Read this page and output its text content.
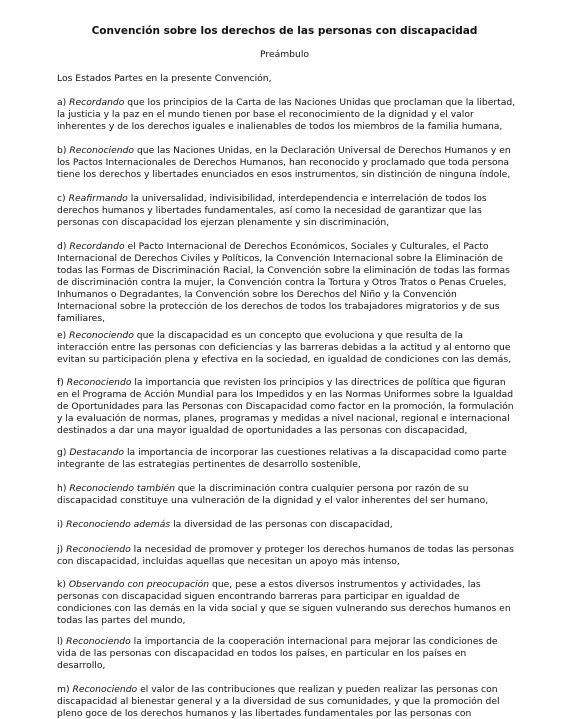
Convención sobre los derechos de las personas con discapacidad
Preámbulo
Los Estados Partes en la presente Convención,
a) Recordando que los principios de la Carta de las Naciones Unidas que proclaman que la libertad, la justicia y la paz en el mundo tienen por base el reconocimiento de la dignidad y el valor inherentes y de los derechos iguales e inalienables de todos los miembros de la familia humana,
b) Reconociendo que las Naciones Unidas, en la Declaración Universal de Derechos Humanos y en los Pactos Internacionales de Derechos Humanos, han reconocido y proclamado que toda persona tiene los derechos y libertades enunciados en esos instrumentos, sin distinción de ninguna índole,
c) Reafirmando la universalidad, indivisibilidad, interdependencia e interrelación de todos los derechos humanos y libertades fundamentales, así como la necesidad de garantizar que las personas con discapacidad los ejerzan plenamente y sin discriminación,
d) Recordando el Pacto Internacional de Derechos Económicos, Sociales y Culturales, el Pacto Internacional de Derechos Civiles y Políticos, la Convención Internacional sobre la Eliminación de todas las Formas de Discriminación Racial, la Convención sobre la eliminación de todas las formas de discriminación contra la mujer, la Convención contra la Tortura y Otros Tratos o Penas Crueles, Inhumanos o Degradantes, la Convención sobre los Derechos del Niño y la Convención Internacional sobre la protección de los derechos de todos los trabajadores migratorios y de sus familiares,
e) Reconociendo que la discapacidad es un concepto que evoluciona y que resulta de la interacción entre las personas con deficiencias y las barreras debidas a la actitud y al entorno que evitan su participación plena y efectiva en la sociedad, en igualdad de condiciones con las demás,
f) Reconociendo la importancia que revisten los principios y las directrices de política que figuran en el Programa de Acción Mundial para los Impedidos y en las Normas Uniformes sobre la Igualdad de Oportunidades para las Personas con Discapacidad como factor en la promoción, la formulación y la evaluación de normas, planes, programas y medidas a nivel nacional, regional e internacional destinados a dar una mayor igualdad de oportunidades a las personas con discapacidad,
g) Destacando la importancia de incorporar las cuestiones relativas a la discapacidad como parte integrante de las estrategias pertinentes de desarrollo sostenible,
h) Reconociendo también que la discriminación contra cualquier persona por razón de su discapacidad constituye una vulneración de la dignidad y el valor inherentes del ser humano,
i) Reconociendo además la diversidad de las personas con discapacidad,
j) Reconociendo la necesidad de promover y proteger los derechos humanos de todas las personas con discapacidad, incluidas aquellas que necesitan un apoyo más intenso,
k) Observando con preocupación que, pese a estos diversos instrumentos y actividades, las personas con discapacidad siguen encontrando barreras para participar en igualdad de condiciones con las demás en la vida social y que se siguen vulnerando sus derechos humanos en todas las partes del mundo,
l) Reconociendo la importancia de la cooperación internacional para mejorar las condiciones de vida de las personas con discapacidad en todos los países, en particular en los países en desarrollo,
m) Reconociendo el valor de las contribuciones que realizan y pueden realizar las personas con discapacidad al bienestar general y a la diversidad de sus comunidades, y que la promoción del pleno goce de los derechos humanos y las libertades fundamentales por las personas con
